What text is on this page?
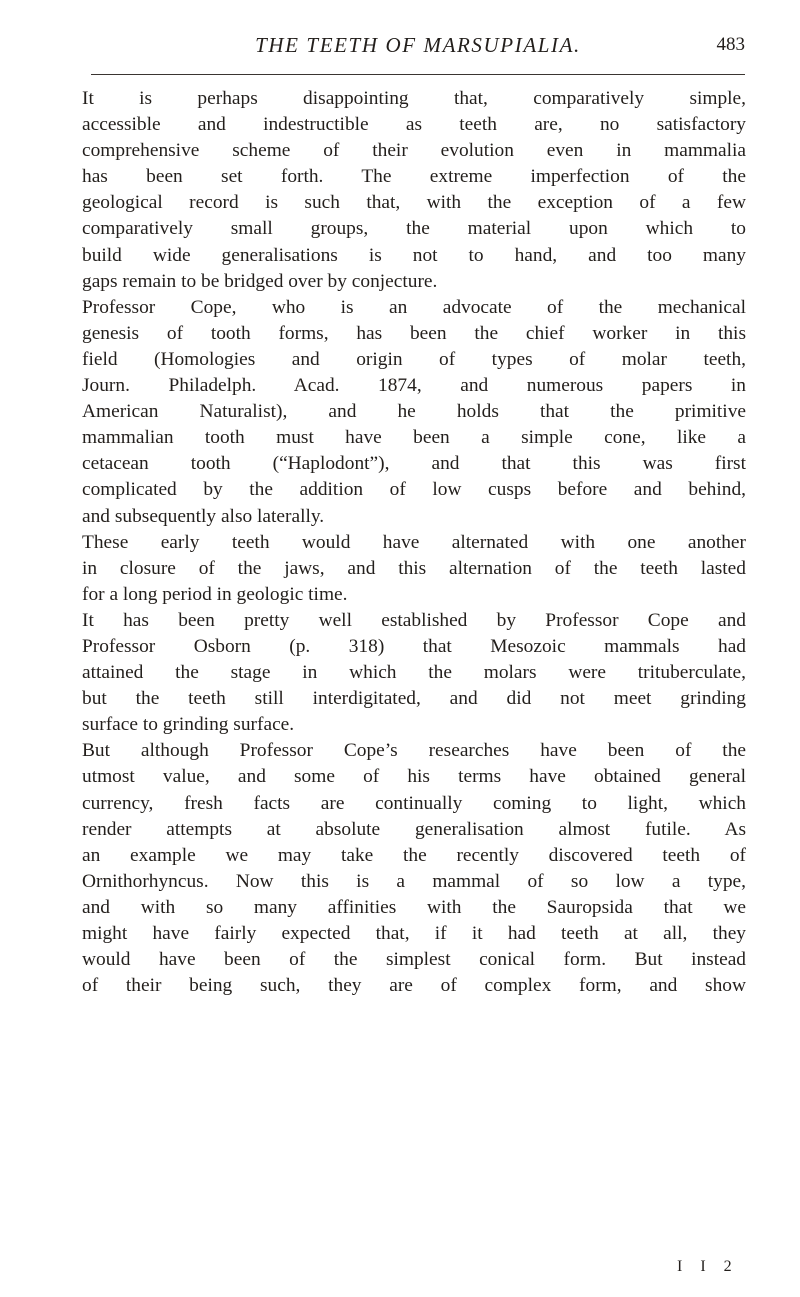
THE TEETH OF MARSUPIALIA.	483
It is perhaps disappointing that, comparatively simple,
accessible and indestructible as teeth are, no satisfactory
comprehensive scheme of their evolution even in mammalia
has been set forth. The extreme imperfection of the
geological record is such that, with the exception of a few
comparatively small groups, the material upon which to
build wide generalisations is not to hand, and too many
gaps remain to be bridged over by conjecture.
Professor Cope, who is an advocate of the mechanical
genesis of tooth forms, has been the chief worker in this
field (Homologies and origin of types of molar teeth,
Journ. Philadelph. Acad. 1874, and numerous papers in
American Naturalist), and he holds that the primitive
mammalian tooth must have been a simple cone, like a
cetacean tooth (“Haplodont”), and that this was first
complicated by the addition of low cusps before and behind,
and subsequently also laterally.
These early teeth would have alternated with one another
in closure of the jaws, and this alternation of the teeth lasted
for a long period in geologic time.
It has been pretty well established by Professor Cope and
Professor Osborn (p. 318) that Mesozoic mammals had
attained the stage in which the molars were trituberculate,
but the teeth still interdigitated, and did not meet grinding
surface to grinding surface.
But although Professor Cope’s researches have been of the
utmost value, and some of his terms have obtained general
currency, fresh facts are continually coming to light, which
render attempts at absolute generalisation almost futile. As
an example we may take the recently discovered teeth of
Ornithorhyncus. Now this is a mammal of so low a type,
and with so many affinities with the Sauropsida that we
might have fairly expected that, if it had teeth at all, they
would have been of the simplest conical form. But instead
of their being such, they are of complex form, and show
I I 2
